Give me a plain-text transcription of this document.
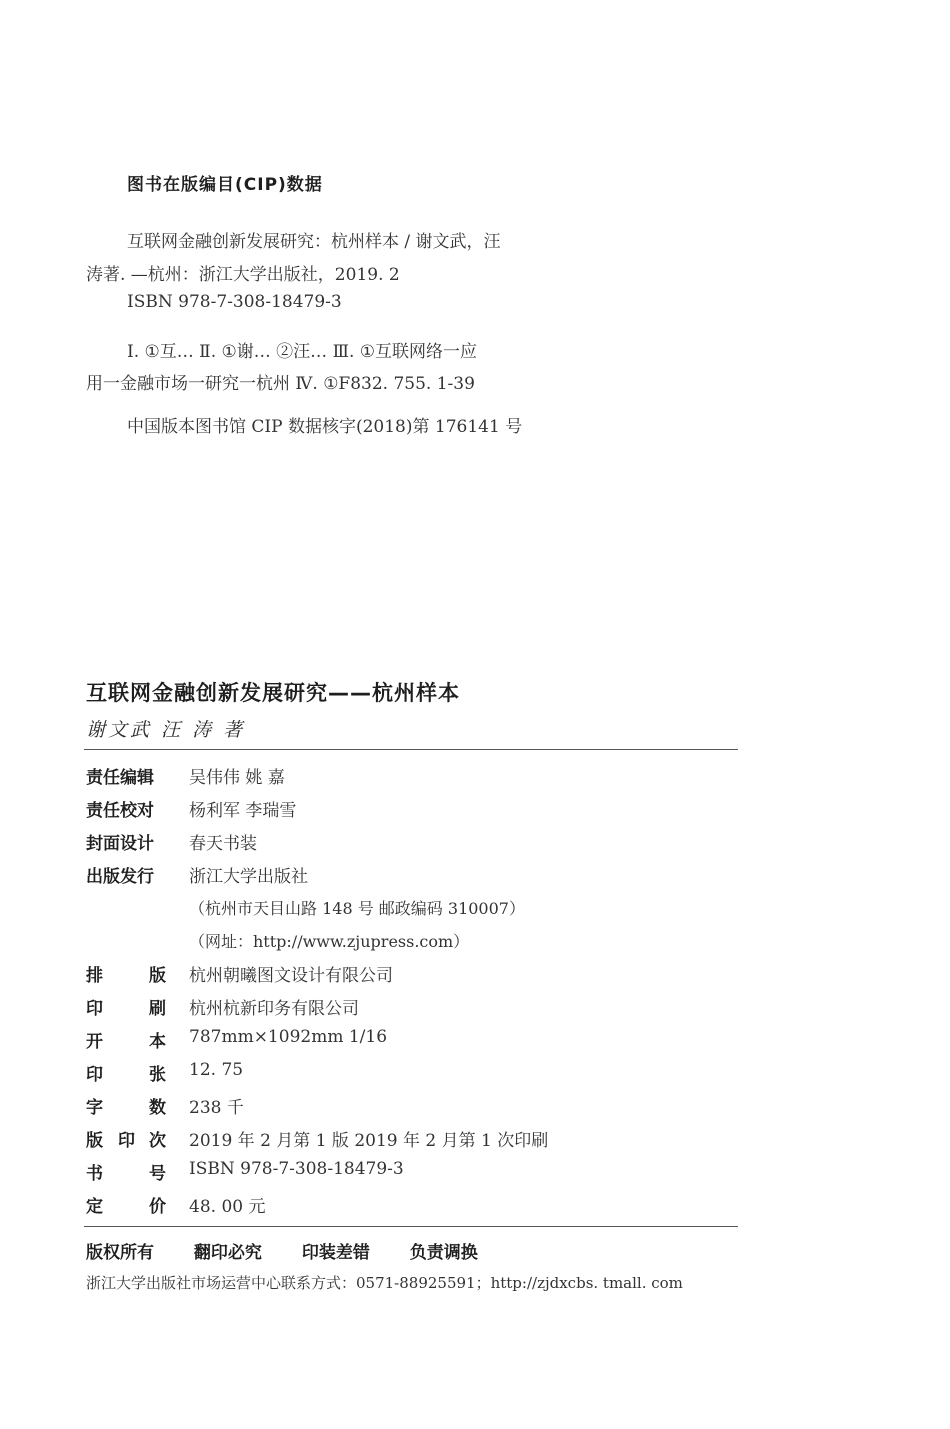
图书在版编目(CIP)数据
互联网金融创新发展研究：杭州样本 / 谢文武，汪
涛著. —杭州：浙江大学出版社，2019. 2
ISBN 978-7-308-18479-3
Ⅰ. ①互… Ⅱ. ①谢… ②汪… Ⅲ. ①互联网络一应
用一金融市场一研究一杭州 Ⅳ. ①F832. 755. 1-39
中国版本图书馆 CIP 数据核字(2018)第 176141 号
互联网金融创新发展研究——杭州样本
谢文武 汪 涛 著
责任编辑 吴伟伟 姚 嘉
责任校对 杨利军 李瑞雪
封面设计 春天书装
出版发行 浙江大学出版社
（杭州市天目山路 148 号 邮政编码 310007）
（网址：http://www.zjupress.com）
排	版 杭州朝曦图文设计有限公司
印	刷 杭州杭新印务有限公司
开	本 787mm×1092mm 1/16
印	张 12. 75
字	数 238 千
版 印 次 2019 年 2 月第 1 版 2019 年 2 月第 1 次印刷
书	号 ISBN 978-7-308-18479-3
定	价 48. 00 元
版权所有 翻印必究 印装差错 负责调换
浙江大学出版社市场运营中心联系方式：0571-88925591；http://zjdxcbs. tmall. com
